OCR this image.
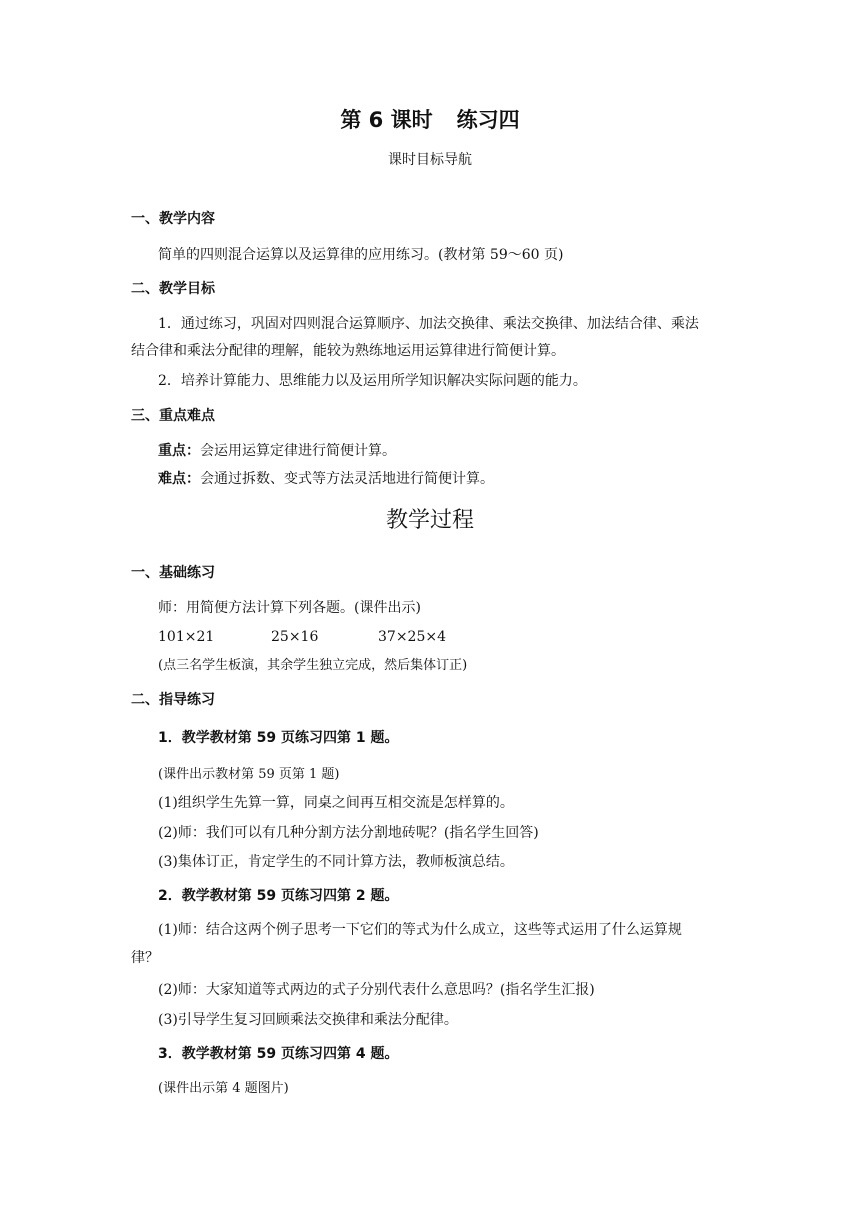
第 6 课时 练习四
课时目标导航
一、教学内容
简单的四则混合运算以及运算律的应用练习。(教材第 59～60 页)
二、教学目标
1．通过练习，巩固对四则混合运算顺序、加法交换律、乘法交换律、加法结合律、乘法
结合律和乘法分配律的理解，能较为熟练地运用运算律进行简便计算。
2．培养计算能力、思维能力以及运用所学知识解决实际问题的能力。
三、重点难点
重点：会运用运算定律进行简便计算。
难点：会通过拆数、变式等方法灵活地进行简便计算。
教学过程
一、基础练习
师：用简便方法计算下列各题。(课件出示)
101×21	25×16	37×25×4
(点三名学生板演，其余学生独立完成，然后集体订正)
二、指导练习
1．教学教材第 59 页练习四第 1 题。
(课件出示教材第 59 页第 1 题)
(1)组织学生先算一算，同桌之间再互相交流是怎样算的。
(2)师：我们可以有几种分割方法分割地砖呢？(指名学生回答)
(3)集体订正，肯定学生的不同计算方法，教师板演总结。
2．教学教材第 59 页练习四第 2 题。
(1)师：结合这两个例子思考一下它们的等式为什么成立，这些等式运用了什么运算规
律？
(2)师：大家知道等式两边的式子分别代表什么意思吗？(指名学生汇报)
(3)引导学生复习回顾乘法交换律和乘法分配律。
3．教学教材第 59 页练习四第 4 题。
(课件出示第 4 题图片)
